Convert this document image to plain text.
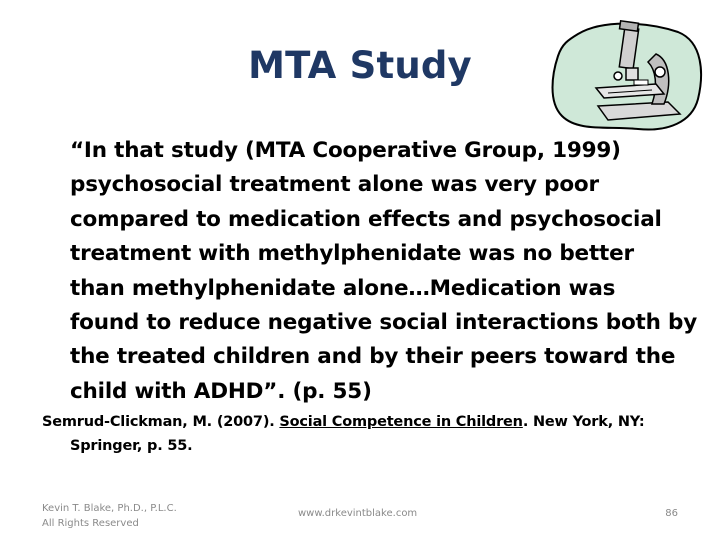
MTA Study
“In that study (MTA Cooperative Group, 1999)
psychosocial treatment alone was very poor
compared to medication effects and psychosocial
treatment with methylphenidate was no better
than methylphenidate alone…Medication was
found to reduce negative social interactions both by
the treated children and by their peers toward the
child with ADHD”. (p. 55)
Semrud-Clickman, M. (2007). Social Competence in Children. New York, NY:
Springer, p. 55.
Kevin T. Blake, Ph.D., P.L.C.
All Rights Reserved
www.drkevintblake.com	86
